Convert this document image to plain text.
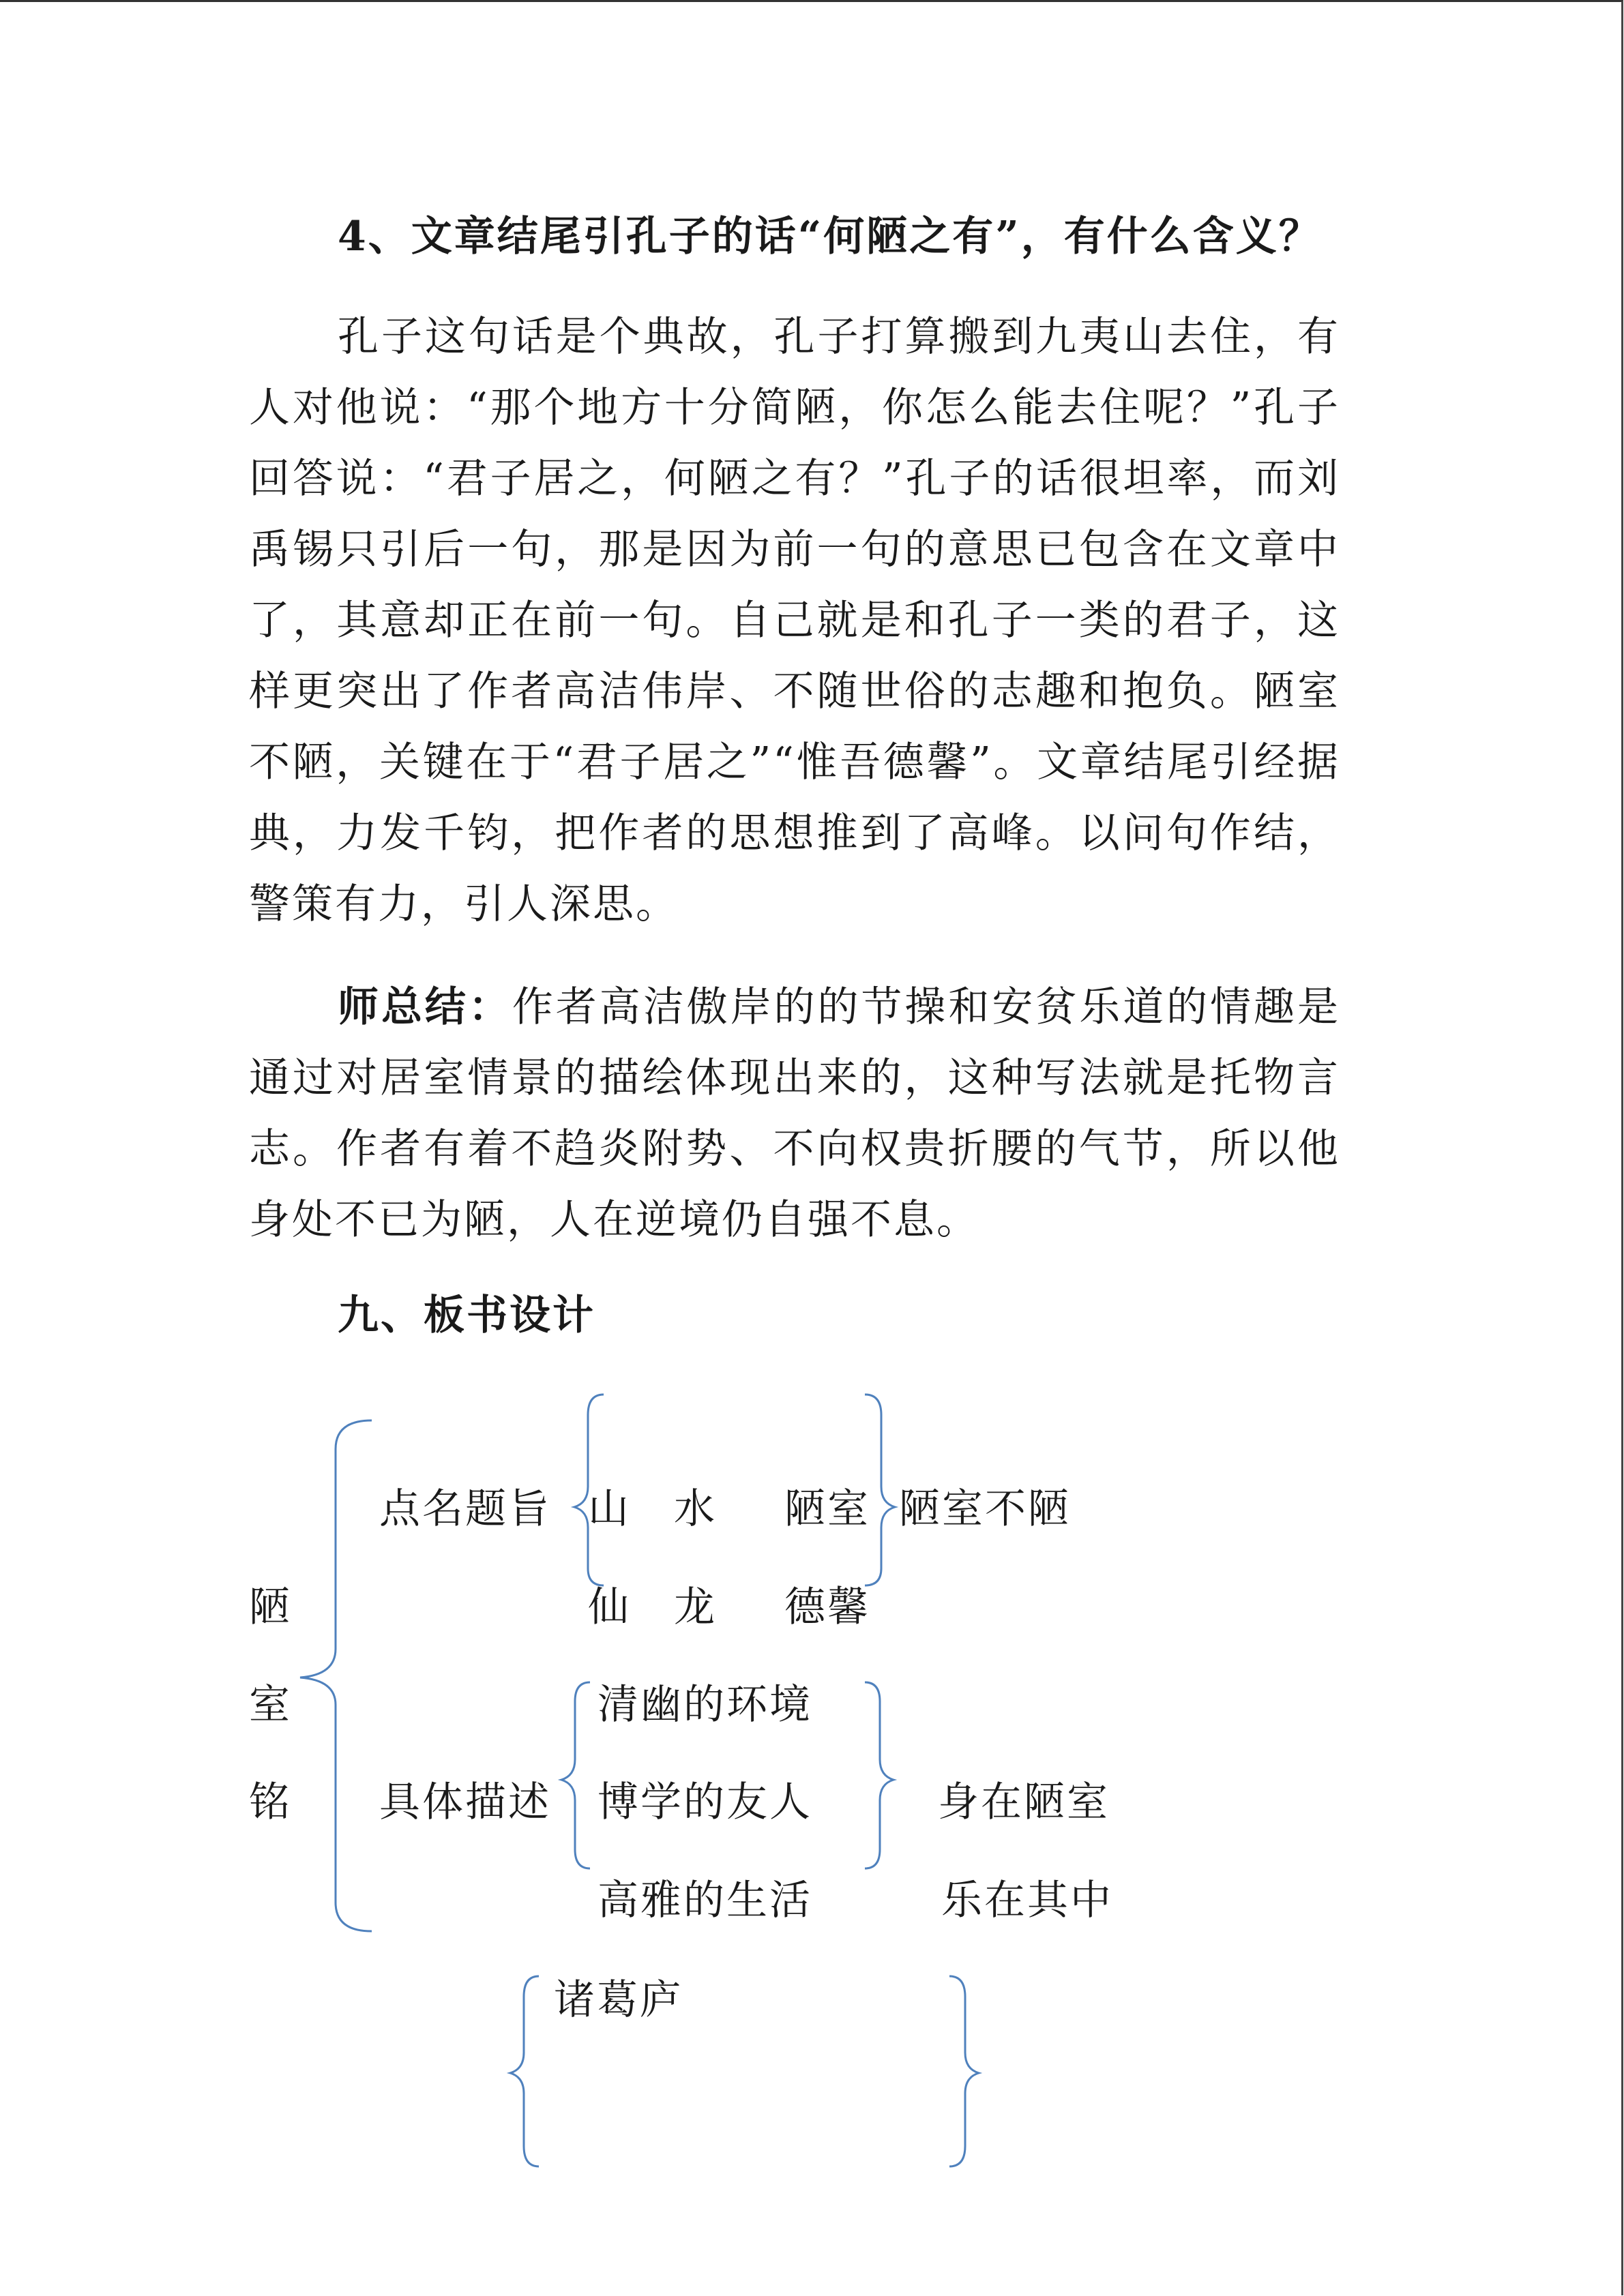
4、文章结尾引孔子的话“何陋之有”，有什么含义？

孔子这句话是个典故，孔子打算搬到九夷山去住，有人对他说：“那个地方十分简陋，你怎么能去住呢？”孔子回答说：“君子居之，何陋之有？”孔子的话很坦率，而刘禹锡只引后一句，那是因为前一句的意思已包含在文章中了，其意却正在前一句。自己就是和孔子一类的君子，这样更突出了作者高洁伟岸、不随世俗的志趣和抱负。陋室不陋，关键在于“君子居之”“惟吾德馨”。文章结尾引经据典，力发千钧，把作者的思想推到了高峰。以问句作结，警策有力，引人深思。

师总结：作者高洁傲岸的的节操和安贫乐道的情趣是通过对居室情景的描绘体现出来的，这种写法就是托物言志。作者有着不趋炎附势、不向权贵折腰的气节，所以他身处不已为陋，人在逆境仍自强不息。

九、板书设计

陋
室
铭
点名题旨 山 水 陋室 陋室不陋
仙 龙 德馨
具体描述
清幽的环境
博学的友人
高雅的生活
身在陋室
乐在其中
诸葛庐
